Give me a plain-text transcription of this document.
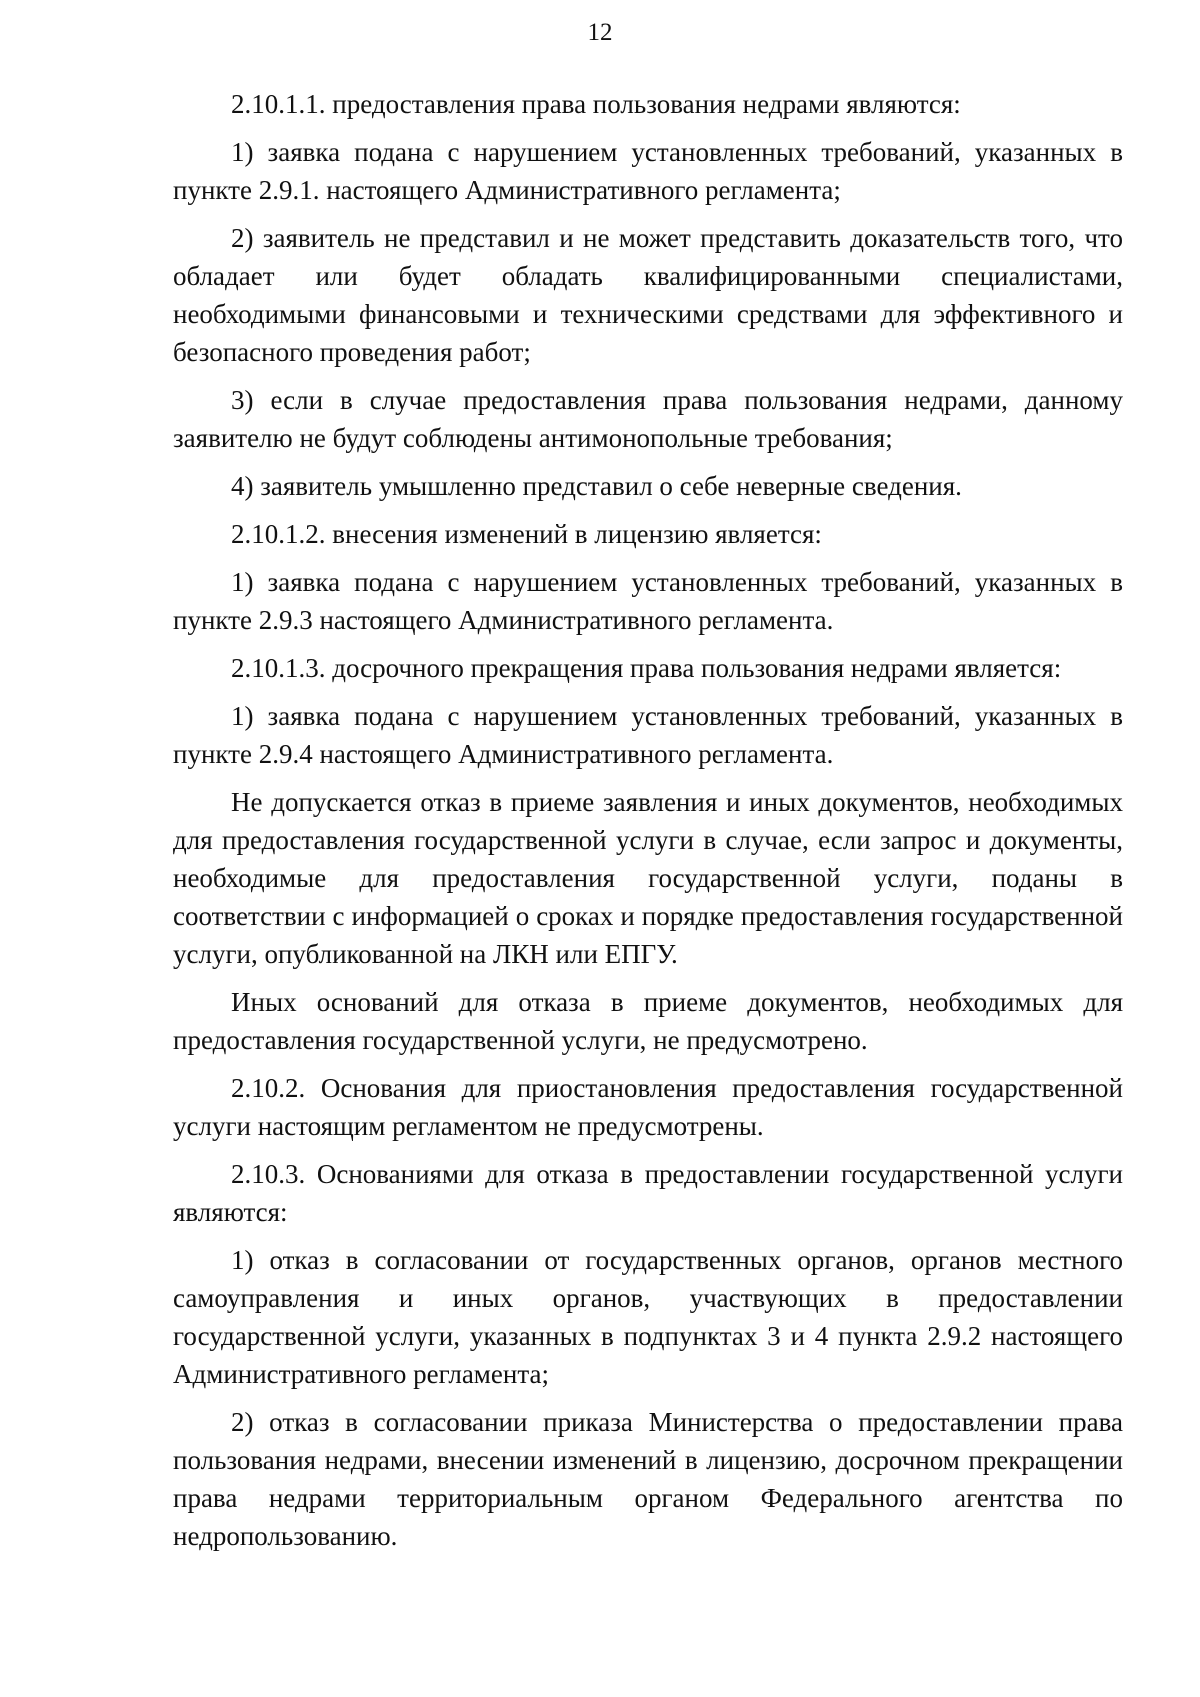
12

2.10.1.1. предоставления права пользования недрами являются:

1) заявка подана с нарушением установленных требований, указанных в пункте 2.9.1. настоящего Административного регламента;

2) заявитель не представил и не может представить доказательств того, что обладает или будет обладать квалифицированными специалистами, необходимыми финансовыми и техническими средствами для эффективного и безопасного проведения работ;

3) если в случае предоставления права пользования недрами, данному заявителю не будут соблюдены антимонопольные требования;

4) заявитель умышленно представил о себе неверные сведения.

2.10.1.2. внесения изменений в лицензию является:

1) заявка подана с нарушением установленных требований, указанных в пункте 2.9.3 настоящего Административного регламента.

2.10.1.3. досрочного прекращения права пользования недрами является:

1) заявка подана с нарушением установленных требований, указанных в пункте 2.9.4 настоящего Административного регламента.

Не допускается отказ в приеме заявления и иных документов, необходимых для предоставления государственной услуги в случае, если запрос и документы, необходимые для предоставления государственной услуги, поданы в соответствии с информацией о сроках и порядке предоставления государственной услуги, опубликованной на ЛКН или ЕПГУ.

Иных оснований для отказа в приеме документов, необходимых для предоставления государственной услуги, не предусмотрено.

2.10.2. Основания для приостановления предоставления государственной услуги настоящим регламентом не предусмотрены.

2.10.3. Основаниями для отказа в предоставлении государственной услуги являются:

1) отказ в согласовании от государственных органов, органов местного самоуправления и иных органов, участвующих в предоставлении государственной услуги, указанных в подпунктах 3 и 4 пункта 2.9.2 настоящего Административного регламента;

2) отказ в согласовании приказа Министерства о предоставлении права пользования недрами, внесении изменений в лицензию, досрочном прекращении права недрами территориальным органом Федерального агентства по недропользованию.
